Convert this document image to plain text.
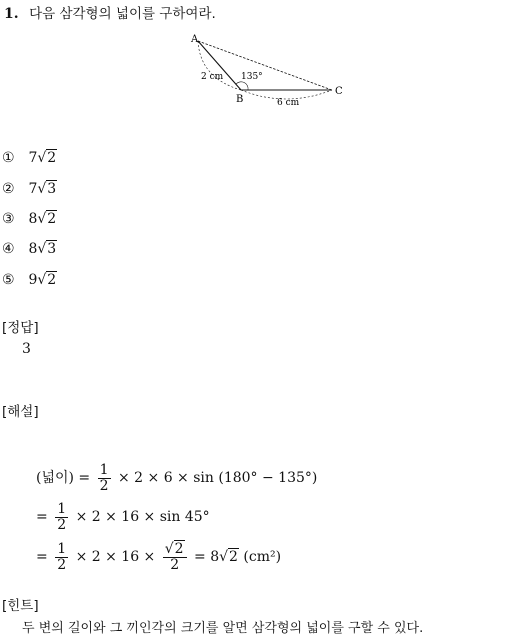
1. 다음 삼각형의 넓이를 구하여라.
A
B
C
2 cm
6 cm
135°
① 7√2
② 7√3
③ 8√2
④ 8√3
⑤ 9√2
[정답]
3
[해설]
(넓이) = $\frac{1}{2} \times 2 \times 6 \times \sin (180^\circ - 135^\circ)$
= $\frac{1}{2} \times 2 \times 16 \times \sin 45^\circ$
= $\frac{1}{2} \times 2 \times 16 \times \frac{√2}{2} = 8√2$ (cm²)
[힌트]
두 변의 길이와 그 끼인각의 크기를 알면 삼각형의 넓이를 구할 수 있다.
